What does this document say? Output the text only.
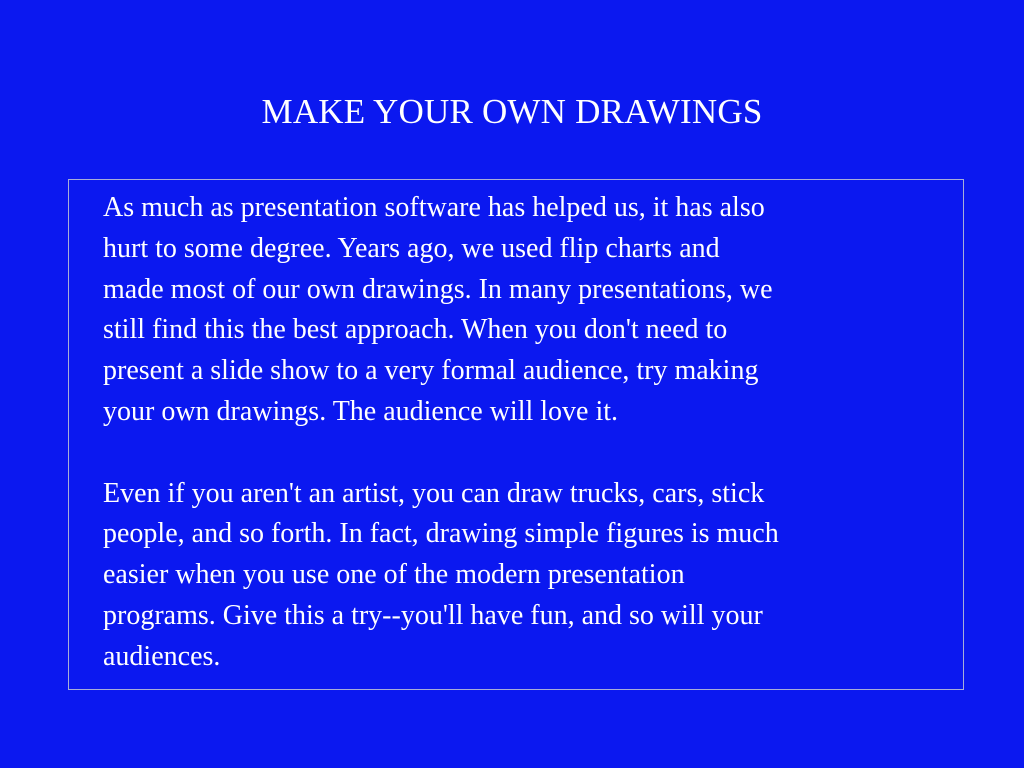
MAKE YOUR OWN DRAWINGS

As much as presentation software has helped us, it has also
hurt to some degree. Years ago, we used flip charts and
made most of our own drawings. In many presentations, we
still find this the best approach. When you don't need to
present a slide show to a very formal audience, try making
your own drawings. The audience will love it.

Even if you aren't an artist, you can draw trucks, cars, stick
people, and so forth. In fact, drawing simple figures is much
easier when you use one of the modern presentation
programs. Give this a try--you'll have fun, and so will your
audiences.
